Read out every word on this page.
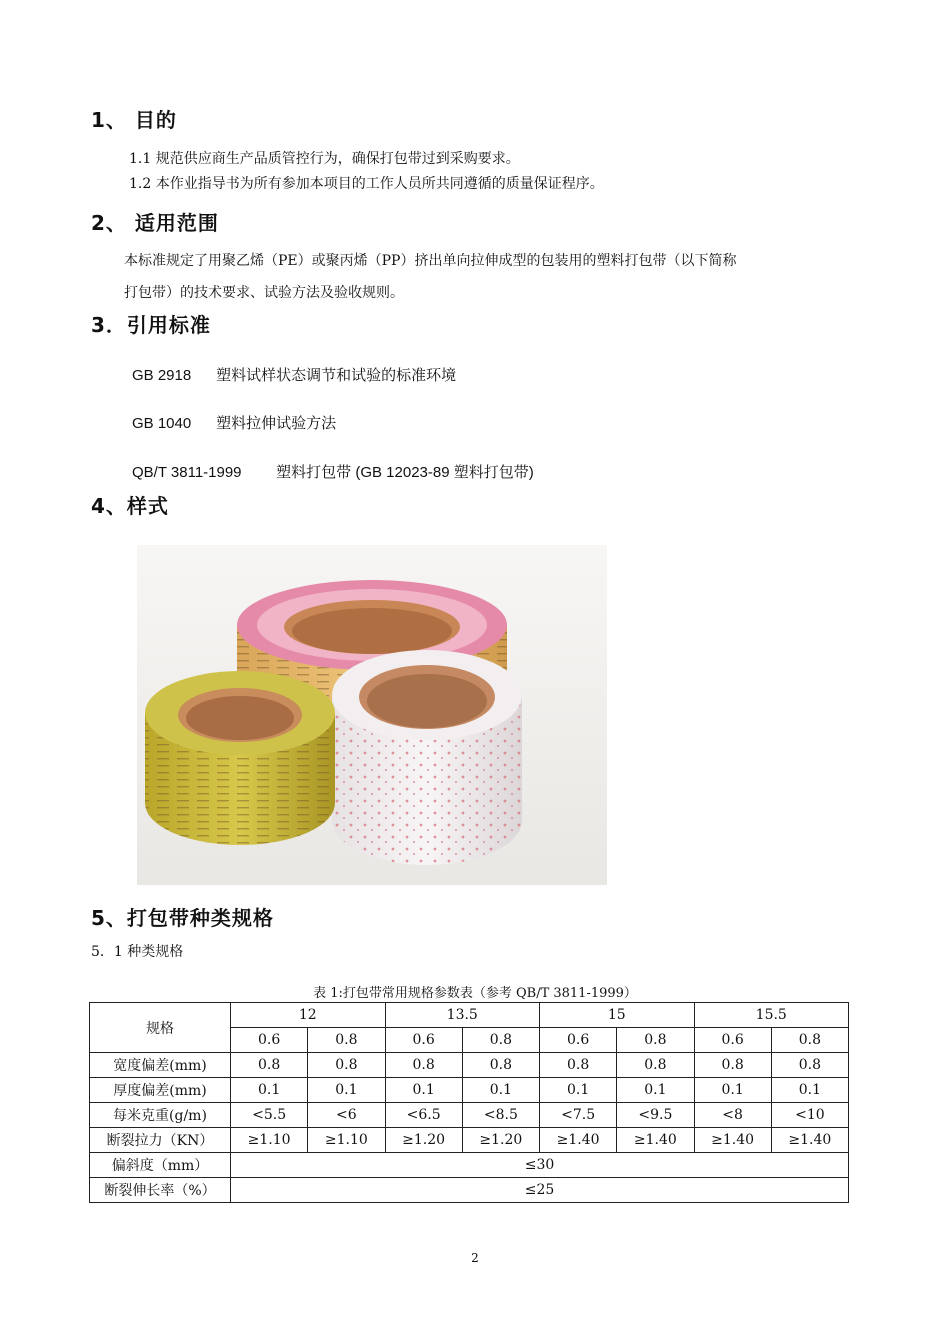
1、 目的
1.1 规范供应商生产品质管控行为，确保打包带过到采购要求。
1.2 本作业指导书为所有参加本项目的工作人员所共同遵循的质量保证程序。
2、 适用范围
本标准规定了用聚乙烯（PE）或聚丙烯（PP）挤出单向拉伸成型的包装用的塑料打包带（以下简称
打包带）的技术要求、试验方法及验收规则。
3．引用标准
GB 2918 塑料试样状态调节和试验的标准环境
GB 1040 塑料拉伸试验方法
QB/T 3811-1999 塑料打包带 (GB 12023-89 塑料打包带)
4、样式
5、打包带种类规格
5．1 种类规格
表 1:打包带常用规格参数表（参考 QB/T 3811-1999）
规格	12		13.5		15		15.5	
	0.6	0.8	0.6	0.8	0.6	0.8	0.6	0.8
宽度偏差(mm)	0.8	0.8	0.8	0.8	0.8	0.8	0.8	0.8
厚度偏差(mm)	0.1	0.1	0.1	0.1	0.1	0.1	0.1	0.1
每米克重(g/m)	<5.5	<6	<6.5	<8.5	<7.5	<9.5	<8	<10
断裂拉力（KN）	≥1.10	≥1.10	≥1.20	≥1.20	≥1.40	≥1.40	≥1.40	≥1.40
偏斜度（mm）	≤30							
断裂伸长率（%）	≤25							
2
